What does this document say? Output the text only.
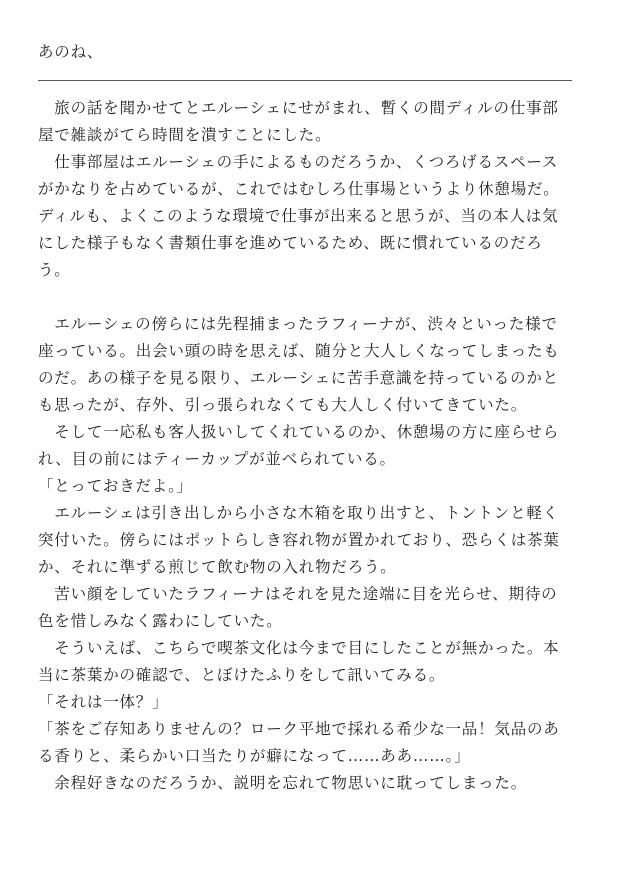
あのね、
　旅の話を聞かせてとエルーシェにせがまれ、暫くの間ディルの仕事部
屋で雑談がてら時間を潰すことにした。
　仕事部屋はエルーシェの手によるものだろうか、くつろげるスペース
がかなりを占めているが、これではむしろ仕事場というより休憩場だ。
ディルも、よくこのような環境で仕事が出来ると思うが、当の本人は気
にした様子もなく書類仕事を進めているため、既に慣れているのだろ
う。
　エルーシェの傍らには先程捕まったラフィーナが、渋々といった様で
座っている。出会い頭の時を思えば、随分と大人しくなってしまったも
のだ。あの様子を見る限り、エルーシェに苦手意識を持っているのかと
も思ったが、存外、引っ張られなくても大人しく付いてきていた。
　そして一応私も客人扱いしてくれているのか、休憩場の方に座らせら
れ、目の前にはティーカップが並べられている。
「とっておきだよ。」
　エルーシェは引き出しから小さな木箱を取り出すと、トントンと軽く
突付いた。傍らにはポットらしき容れ物が置かれており、恐らくは茶葉
か、それに準ずる煎じて飲む物の入れ物だろう。
　苦い顔をしていたラフィーナはそれを見た途端に目を光らせ、期待の
色を惜しみなく露わにしていた。
　そういえば、こちらで喫茶文化は今まで目にしたことが無かった。本
当に茶葉かの確認で、とぼけたふりをして訊いてみる。
「それは一体？」
「茶をご存知ありませんの？ローク平地で採れる希少な一品！気品のあ
る香りと、柔らかい口当たりが癖になって……ああ……。」
　余程好きなのだろうか、説明を忘れて物思いに耽ってしまった。
